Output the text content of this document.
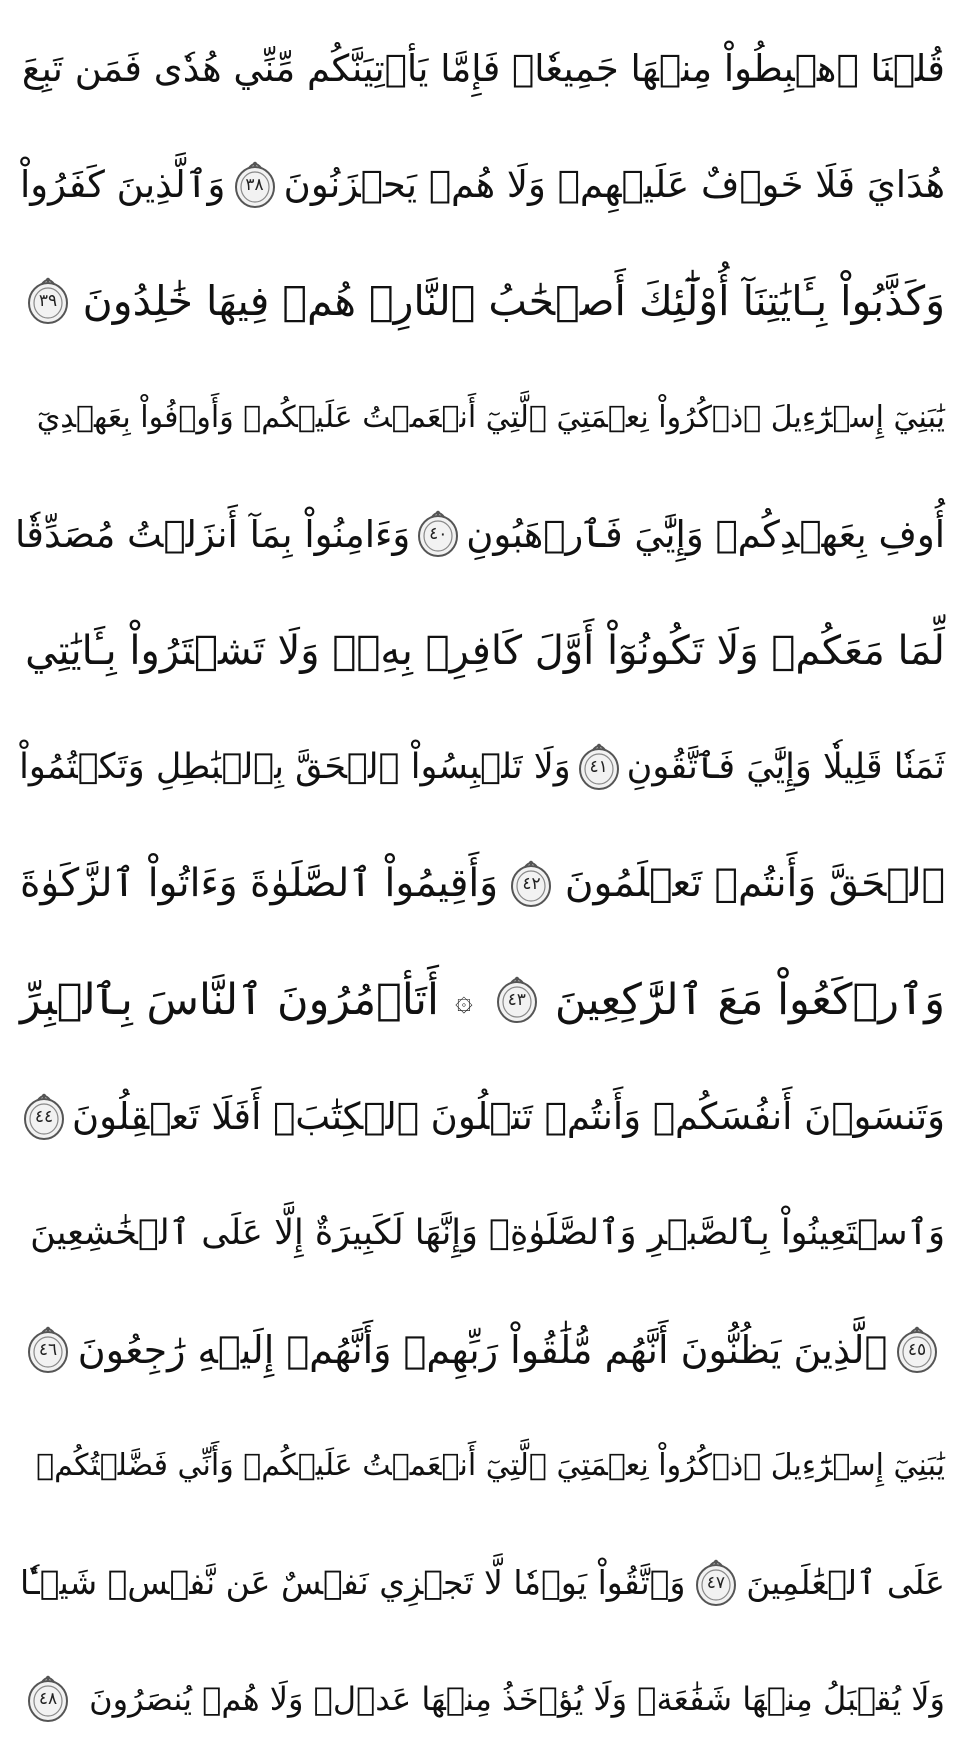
قُلۡنَا ٱهۡبِطُواْ مِنۡهَا جَمِيعٗاۖ فَإِمَّا يَأۡتِيَنَّكُم مِّنِّي هُدٗى فَمَن تَبِعَ
هُدَايَ فَلَا خَوۡفٌ عَلَيۡهِمۡ وَلَا هُمۡ يَحۡزَنُونَ
٣٨
وَٱلَّذِينَ كَفَرُواْ
وَكَذَّبُواْ بِـَٔايَٰتِنَآ أُوْلَٰٓئِكَ أَصۡحَٰبُ ٱلنَّارِۖ هُمۡ فِيهَا خَٰلِدُونَ
٣٩
يَٰبَنِيٓ إِسۡرَٰٓءِيلَ ٱذۡكُرُواْ نِعۡمَتِيَ ٱلَّتِيٓ أَنۡعَمۡتُ عَلَيۡكُمۡ وَأَوۡفُواْ بِعَهۡدِيٓ
أُوفِ بِعَهۡدِكُمۡ وَإِيَّٰيَ فَٱرۡهَبُونِ
٤٠
وَءَامِنُواْ بِمَآ أَنزَلۡتُ مُصَدِّقٗا
لِّمَا مَعَكُمۡ وَلَا تَكُونُوٓاْ أَوَّلَ كَافِرِۭ بِهِۦۖ وَلَا تَشۡتَرُواْ بِـَٔايَٰتِي
ثَمَنٗا قَلِيلٗا وَإِيَّٰيَ فَٱتَّقُونِ
٤١
وَلَا تَلۡبِسُواْ ٱلۡحَقَّ بِٱلۡبَٰطِلِ وَتَكۡتُمُواْ
ٱلۡحَقَّ وَأَنتُمۡ تَعۡلَمُونَ
٤٢
وَأَقِيمُواْ ٱلصَّلَوٰةَ وَءَاتُواْ ٱلزَّكَوٰةَ
وَٱرۡكَعُواْ مَعَ ٱلرَّٰكِعِينَ
٤٣
۞
أَتَأۡمُرُونَ ٱلنَّاسَ بِٱلۡبِرِّ
وَتَنسَوۡنَ أَنفُسَكُمۡ وَأَنتُمۡ تَتۡلُونَ ٱلۡكِتَٰبَۚ أَفَلَا تَعۡقِلُونَ
٤٤
وَٱسۡتَعِينُواْ بِٱلصَّبۡرِ وَٱلصَّلَوٰةِۚ وَإِنَّهَا لَكَبِيرَةٌ إِلَّا عَلَى ٱلۡخَٰشِعِينَ
٤٥
ٱلَّذِينَ يَظُنُّونَ أَنَّهُم مُّلَٰقُواْ رَبِّهِمۡ وَأَنَّهُمۡ إِلَيۡهِ رَٰجِعُونَ
٤٦
يَٰبَنِيٓ إِسۡرَٰٓءِيلَ ٱذۡكُرُواْ نِعۡمَتِيَ ٱلَّتِيٓ أَنۡعَمۡتُ عَلَيۡكُمۡ وَأَنِّي فَضَّلۡتُكُمۡ
عَلَى ٱلۡعَٰلَمِينَ
٤٧
وَٱتَّقُواْ يَوۡمٗا لَّا تَجۡزِي نَفۡسٌ عَن نَّفۡسٖ شَيۡـٔٗا
وَلَا يُقۡبَلُ مِنۡهَا شَفَٰعَةٞ وَلَا يُؤۡخَذُ مِنۡهَا عَدۡلٞ وَلَا هُمۡ يُنصَرُونَ
٤٨
